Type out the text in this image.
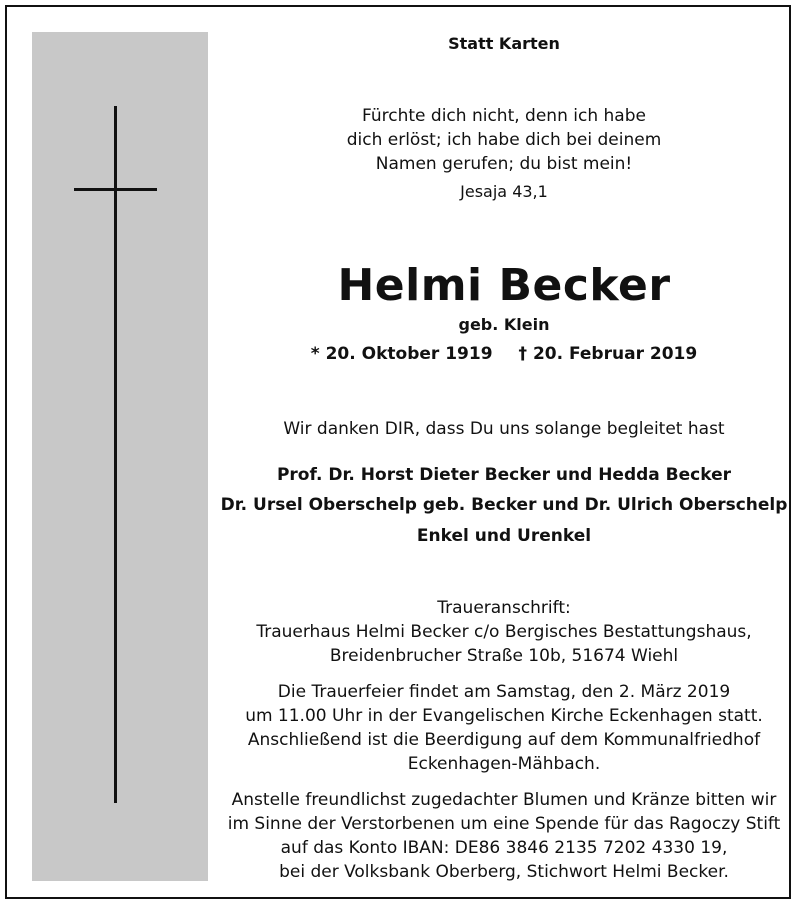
Statt Karten
Fürchte dich nicht, denn ich habe
dich erlöst; ich habe dich bei deinem
Namen gerufen; du bist mein!
Jesaja 43,1
Helmi Becker
geb. Klein
* 20. Oktober 1919 † 20. Februar 2019
Wir danken DIR, dass Du uns solange begleitet hast
Prof. Dr. Horst Dieter Becker und Hedda Becker
Dr. Ursel Oberschelp geb. Becker und Dr. Ulrich Oberschelp
Enkel und Urenkel
Traueranschrift:
Trauerhaus Helmi Becker c/o Bergisches Bestattungshaus,
Breidenbrucher Straße 10b, 51674 Wiehl
Die Trauerfeier findet am Samstag, den 2. März 2019
um 11.00 Uhr in der Evangelischen Kirche Eckenhagen statt.
Anschließend ist die Beerdigung auf dem Kommunalfriedhof
Eckenhagen-Mähbach.
Anstelle freundlichst zugedachter Blumen und Kränze bitten wir
im Sinne der Verstorbenen um eine Spende für das Ragoczy Stift
auf das Konto IBAN: DE86 3846 2135 7202 4330 19,
bei der Volksbank Oberberg, Stichwort Helmi Becker.
